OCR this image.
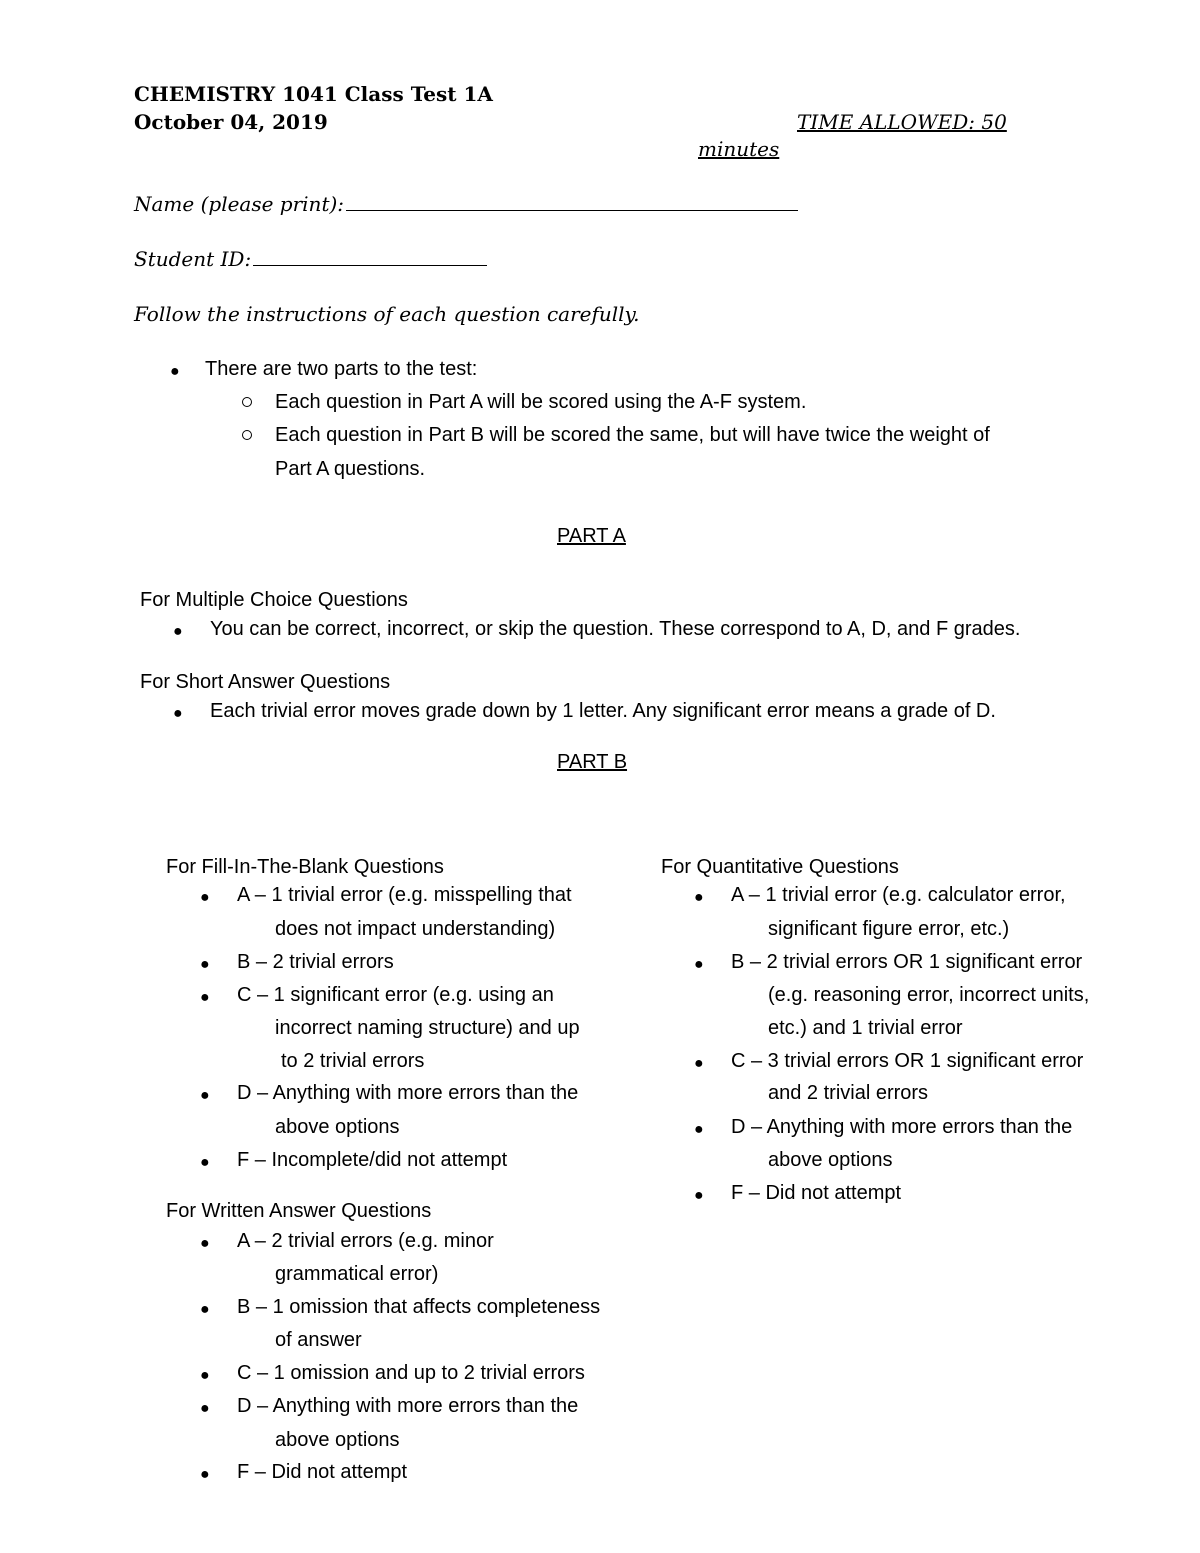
CHEMISTRY 1041 Class Test 1A
October 04, 2019	TIME ALLOWED: 50
minutes
Name (please print):
Student ID:
Follow the instructions of each question carefully.
● There are two parts to the test:
Each question in Part A will be scored using the A-F system.
Each question in Part B will be scored the same, but will have twice the weight of
Part A questions.
PART A
For Multiple Choice Questions
● You can be correct, incorrect, or skip the question. These correspond to A, D, and F grades.
For Short Answer Questions
● Each trivial error moves grade down by 1 letter. Any significant error means a grade of D.
PART B
For Fill-In-The-Blank Questions
● A – 1 trivial error (e.g. misspelling that
does not impact understanding)
● B – 2 trivial errors
● C – 1 significant error (e.g. using an
incorrect naming structure) and up
to 2 trivial errors
● D – Anything with more errors than the
above options
● F – Incomplete/did not attempt
For Written Answer Questions
● A – 2 trivial errors (e.g. minor
grammatical error)
● B – 1 omission that affects completeness
of answer
● C – 1 omission and up to 2 trivial errors
● D – Anything with more errors than the
above options
● F – Did not attempt
For Quantitative Questions
● A – 1 trivial error (e.g. calculator error,
significant figure error, etc.)
● B – 2 trivial errors OR 1 significant error
(e.g. reasoning error, incorrect units,
etc.) and 1 trivial error
● C – 3 trivial errors OR 1 significant error
and 2 trivial errors
● D – Anything with more errors than the
above options
● F – Did not attempt
